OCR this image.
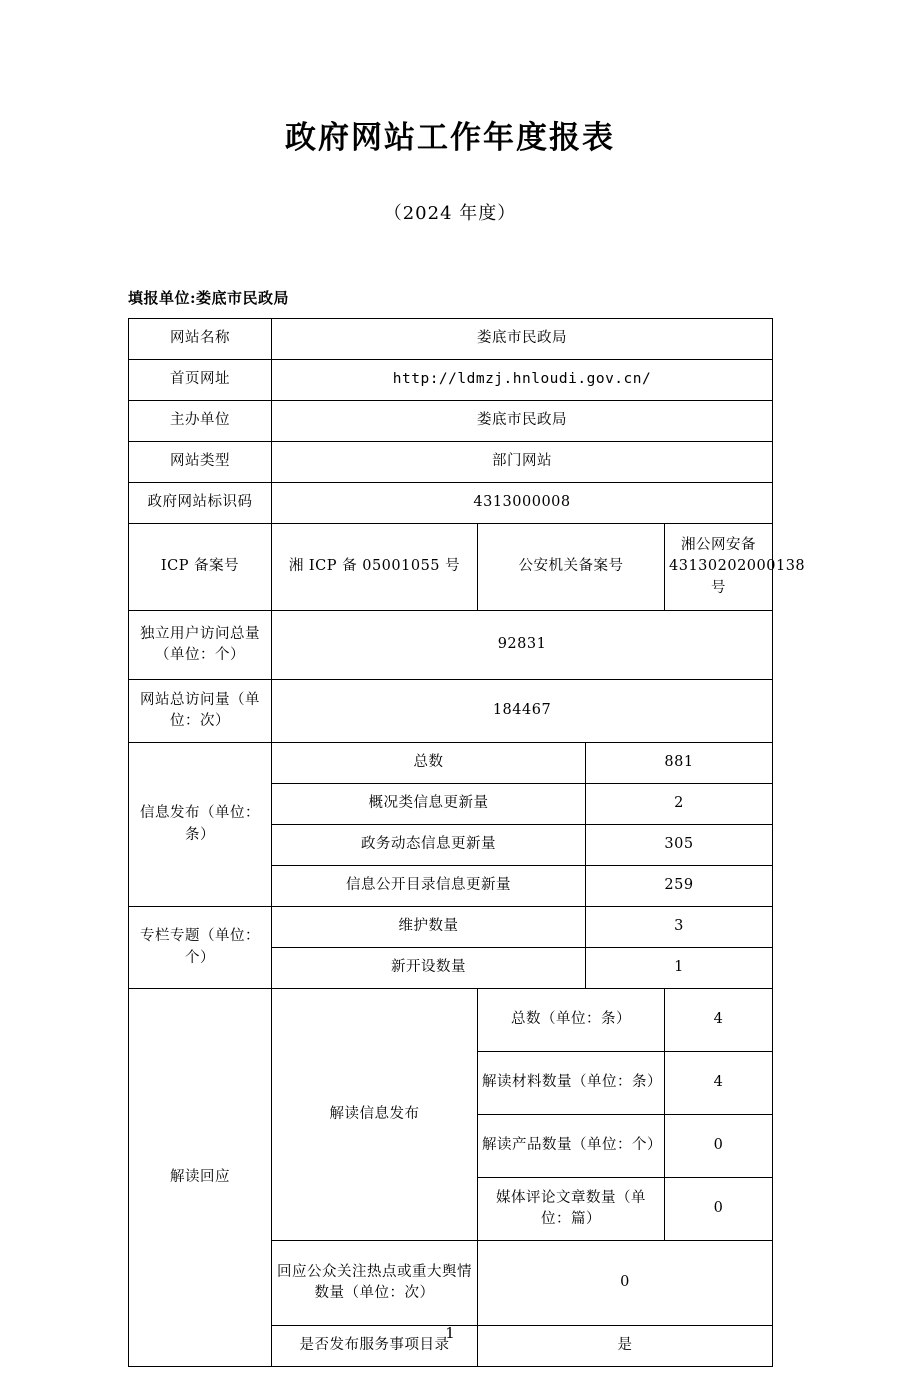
政府网站工作年度报表
（2024 年度）
填报单位:娄底市民政局
网站名称	娄底市民政局			
首页网址	http://ldmzj.hnloudi.gov.cn/			
主办单位	娄底市民政局			
网站类型	部门网站			
政府网站标识码	4313000008			
ICP 备案号	湘 ICP 备 05001055 号	公安机关备案号		湘公网安备 43130202000138 号
独立用户访问总量（单位：个）	92831			
网站总访问量（单位：次）	184467			
信息发布（单位：条）	总数		881	
	概况类信息更新量		2	
	政务动态信息更新量		305	
	信息公开目录信息更新量		259	
专栏专题（单位：个）	维护数量		3	
	新开设数量		1	
解读回应	解读信息发布	总数（单位：条）		4
		解读材料数量（单位：条）		4
		解读产品数量（单位：个）		0
		媒体评论文章数量（单位：篇）		0
	回应公众关注热点或重大舆情数量（单位：次）	0		
	是否发布服务事项目录	是		
1
